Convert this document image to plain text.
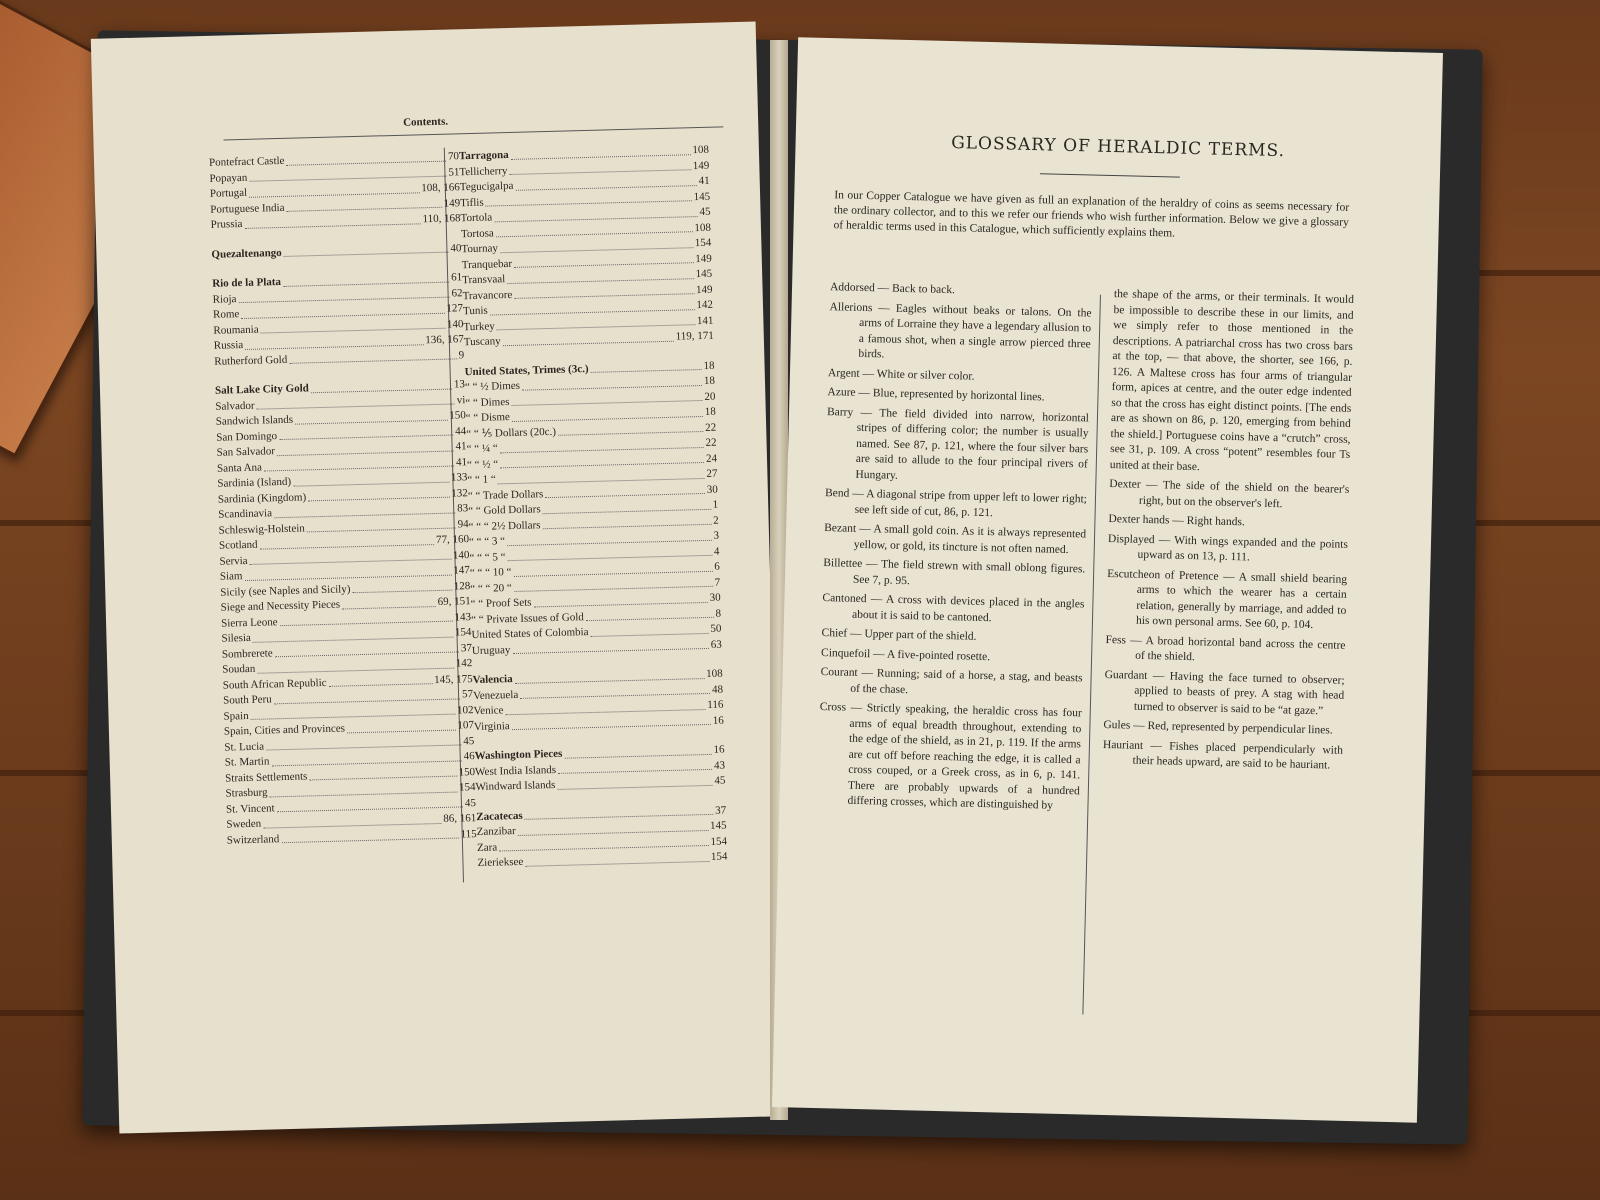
Contents.
Pontefract Castle	70
Popayan	51
Portugal	108, 166
Portuguese India	149
Prussia	110, 168
Quezaltenango	40
Rio de la Plata	61
Rioja	62
Rome	127
Roumania	140
Russia	136, 167
Rutherford Gold	9
Salt Lake City Gold	13
Salvador	vi
Sandwich Islands	150
San Domingo	44
San Salvador	41
Santa Ana	41
Sardinia (Island)	133
Sardinia (Kingdom)	132
Scandinavia	83
Schleswig-Holstein	94
Scotland	77, 160
Servia	140
Siam	147
Sicily (see Naples and Sicily)	128
Siege and Necessity Pieces	69, 151
Sierra Leone	143
Silesia	154
Sombrerete	37
Soudan	142
South African Republic	145, 175
South Peru	57
Spain	102
Spain, Cities and Provinces	107
St. Lucia	45
St. Martin	46
Straits Settlements	150
Strasburg	154
St. Vincent	45
Sweden	86, 161
Switzerland	115
Tarragona	108
Tellicherry	149
Tegucigalpa	41
Tiflis	145
Tortola	45
Tortosa	108
Tournay	154
Tranquebar	149
Transvaal	145
Travancore	149
Tunis	142
Turkey	141
Tuscany	119, 171
United States, Trimes (3c.)	18
“ “ ½ Dimes	18
“ “ Dimes	20
“ “ Disme	18
“ “ ⅕ Dollars (20c.)	22
“ “ ¼ “	22
“ “ ½ “	24
“ “ 1 “	27
“ “ Trade Dollars	30
“ “ Gold Dollars	1
“ “ “ 2½ Dollars	2
“ “ “ 3 “	3
“ “ “ 5 “	4
“ “ “ 10 “	6
“ “ “ 20 “	7
“ “ Proof Sets	30
“ “ Private Issues of Gold	8
United States of Colombia	50
Uruguay	63
Valencia	108
Venezuela	48
Venice	116
Virginia	16
Washington Pieces	16
West India Islands	43
Windward Islands	45
Zacatecas	37
Zanzibar	145
Zara	154
Zierieksee	154
GLOSSARY OF HERALDIC TERMS.
In our Copper Catalogue we have given as full an explanation of the heraldry of coins as seems necessary for the ordinary collector, and to this we refer our friends who wish further information. Below we give a glossary of heraldic terms used in this Catalogue, which sufficiently explains them.
Addorsed — Back to back.
Allerions — Eagles without beaks or talons. On the arms of Lorraine they have a legendary allusion to a famous shot, when a single arrow pierced three birds.
Argent — White or silver color.
Azure — Blue, represented by horizontal lines.
Barry — The field divided into narrow, horizontal stripes of differing color; the number is usually named. See 87, p. 121, where the four silver bars are said to allude to the four principal rivers of Hungary.
Bend — A diagonal stripe from upper left to lower right; see left side of cut, 86, p. 121.
Bezant — A small gold coin. As it is always represented yellow, or gold, its tincture is not often named.
Billettee — The field strewn with small oblong figures. See 7, p. 95.
Cantoned — A cross with devices placed in the angles about it is said to be cantoned.
Chief — Upper part of the shield.
Cinquefoil — A five-pointed rosette.
Courant — Running; said of a horse, a stag, and beasts of the chase.
Cross — Strictly speaking, the heraldic cross has four arms of equal breadth throughout, extending to the edge of the shield, as in 21, p. 119. If the arms are cut off before reaching the edge, it is called a cross couped, or a Greek cross, as in 6, p. 141. There are probably upwards of a hundred differing crosses, which are distinguished by
the shape of the arms, or their terminals. It would be impossible to describe these in our limits, and we simply refer to those mentioned in the descriptions. A patriarchal cross has two cross bars at the top, — that above, the shorter, see 166, p. 126. A Maltese cross has four arms of triangular form, apices at centre, and the outer edge indented so that the cross has eight distinct points. [The ends are as shown on 86, p. 120, emerging from behind the shield.] Portuguese coins have a “crutch” cross, see 31, p. 109. A cross “potent” resembles four Ts united at their base.
Dexter — The side of the shield on the bearer's right, but on the observer's left.
Dexter hands — Right hands.
Displayed — With wings expanded and the points upward as on 13, p. 111.
Escutcheon of Pretence — A small shield bearing arms to which the wearer has a certain relation, generally by marriage, and added to his own personal arms. See 60, p. 104.
Fess — A broad horizontal band across the centre of the shield.
Guardant — Having the face turned to observer; applied to beasts of prey. A stag with head turned to observer is said to be “at gaze.”
Gules — Red, represented by perpendicular lines.
Hauriant — Fishes placed perpendicularly with their heads upward, are said to be hauriant.
